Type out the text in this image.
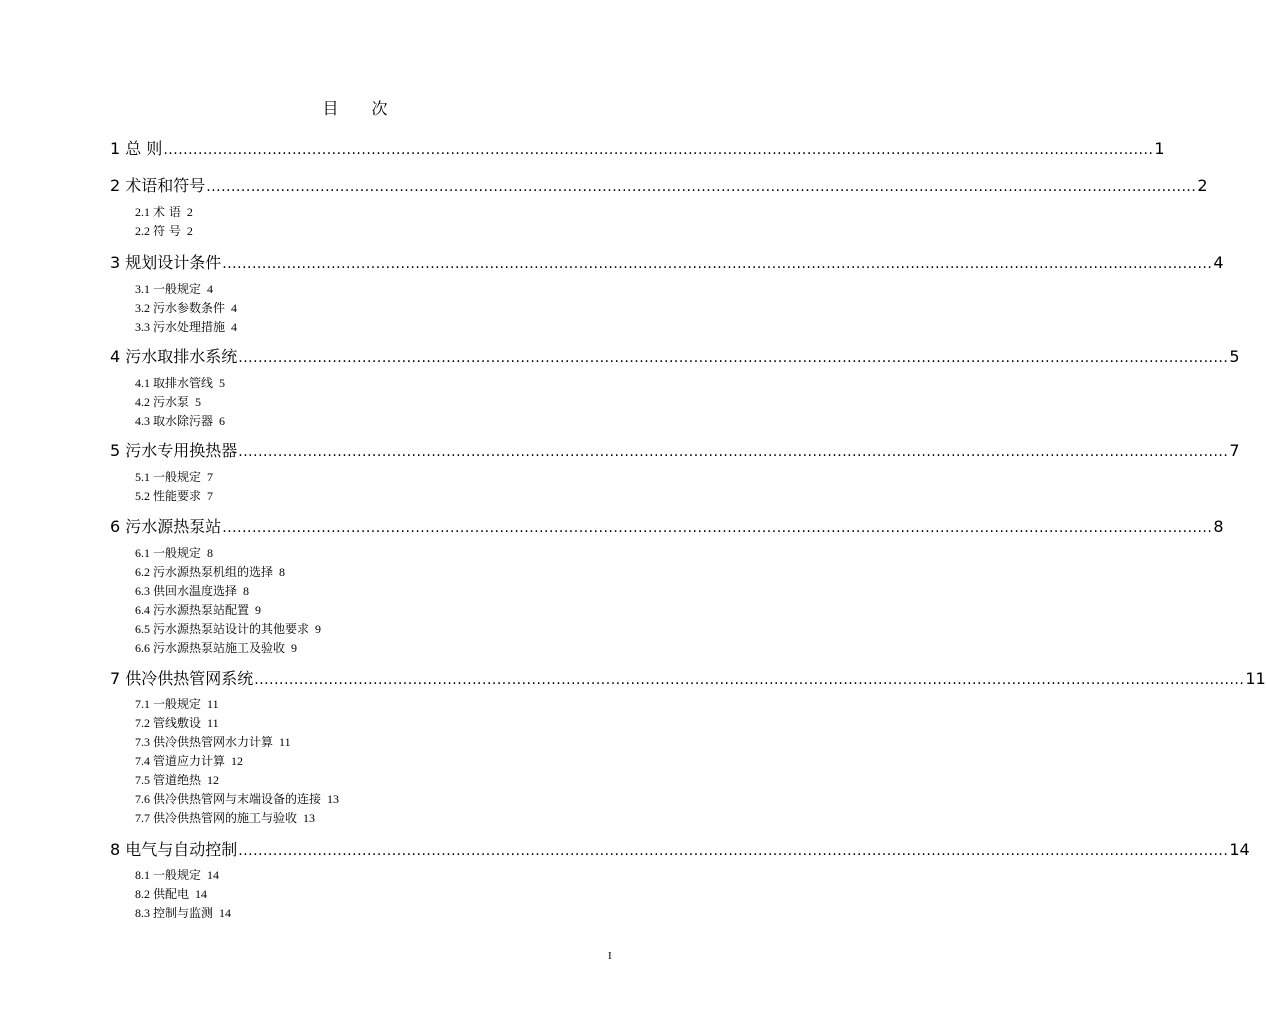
目 次
1 总 则 ........................................................................................................................................................................................................ 1
2 术语和符号 ........................................................................................................................................................................................................ 2
2.1 术 语 2
2.2 符 号 2
3 规划设计条件 ........................................................................................................................................................................................................ 4
3.1 一般规定 4
3.2 污水参数条件 4
3.3 污水处理措施 4
4 污水取排水系统 ........................................................................................................................................................................................................ 5
4.1 取排水管线 5
4.2 污水泵 5
4.3 取水除污器 6
5 污水专用换热器 ........................................................................................................................................................................................................ 7
5.1 一般规定 7
5.2 性能要求 7
6 污水源热泵站 ........................................................................................................................................................................................................ 8
6.1 一般规定 8
6.2 污水源热泵机组的选择 8
6.3 供回水温度选择 8
6.4 污水源热泵站配置 9
6.5 污水源热泵站设计的其他要求 9
6.6 污水源热泵站施工及验收 9
7 供冷供热管网系统 ........................................................................................................................................................................................................ 11
7.1 一般规定 11
7.2 管线敷设 11
7.3 供冷供热管网水力计算 11
7.4 管道应力计算 12
7.5 管道绝热 12
7.6 供冷供热管网与末端设备的连接 13
7.7 供冷供热管网的施工与验收 13
8 电气与自动控制 ........................................................................................................................................................................................................ 14
8.1 一般规定 14
8.2 供配电 14
8.3 控制与监测 14
I
